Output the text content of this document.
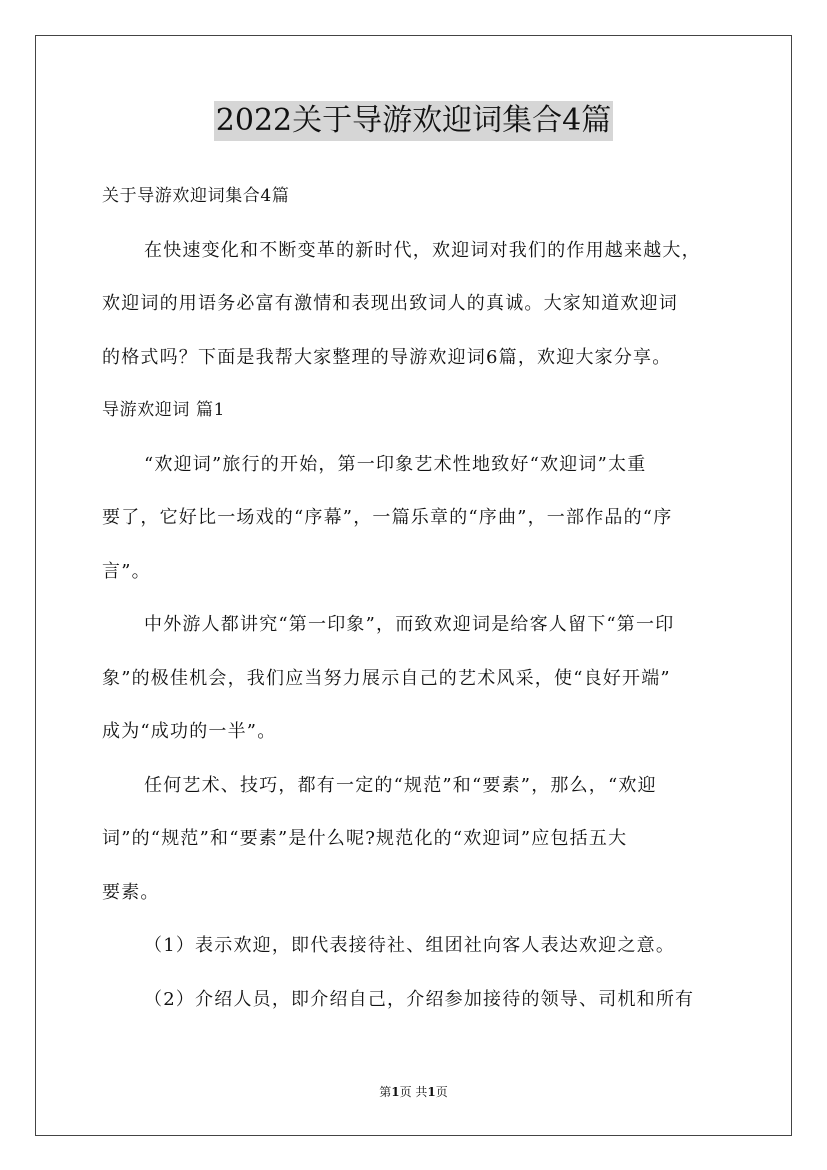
2022关于导游欢迎词集合4篇
关于导游欢迎词集合4篇
在快速变化和不断变革的新时代，欢迎词对我们的作用越来越大，
欢迎词的用语务必富有激情和表现出致词人的真诚。大家知道欢迎词
的格式吗？下面是我帮大家整理的导游欢迎词6篇，欢迎大家分享。
导游欢迎词 篇1
“欢迎词”旅行的开始，第一印象艺术性地致好“欢迎词”太重
要了，它好比一场戏的“序幕”，一篇乐章的“序曲”，一部作品的“序
言”。
中外游人都讲究“第一印象”，而致欢迎词是给客人留下“第一印
象”的极佳机会，我们应当努力展示自己的艺术风采，使“良好开端”
成为“成功的一半”。
任何艺术、技巧，都有一定的“规范”和“要素”，那么，“欢迎
词”的“规范”和“要素”是什么呢?规范化的“欢迎词”应包括五大
要素。
（1）表示欢迎，即代表接待社、组团社向客人表达欢迎之意。
（2）介绍人员，即介绍自己，介绍参加接待的领导、司机和所有
第1页 共1页
